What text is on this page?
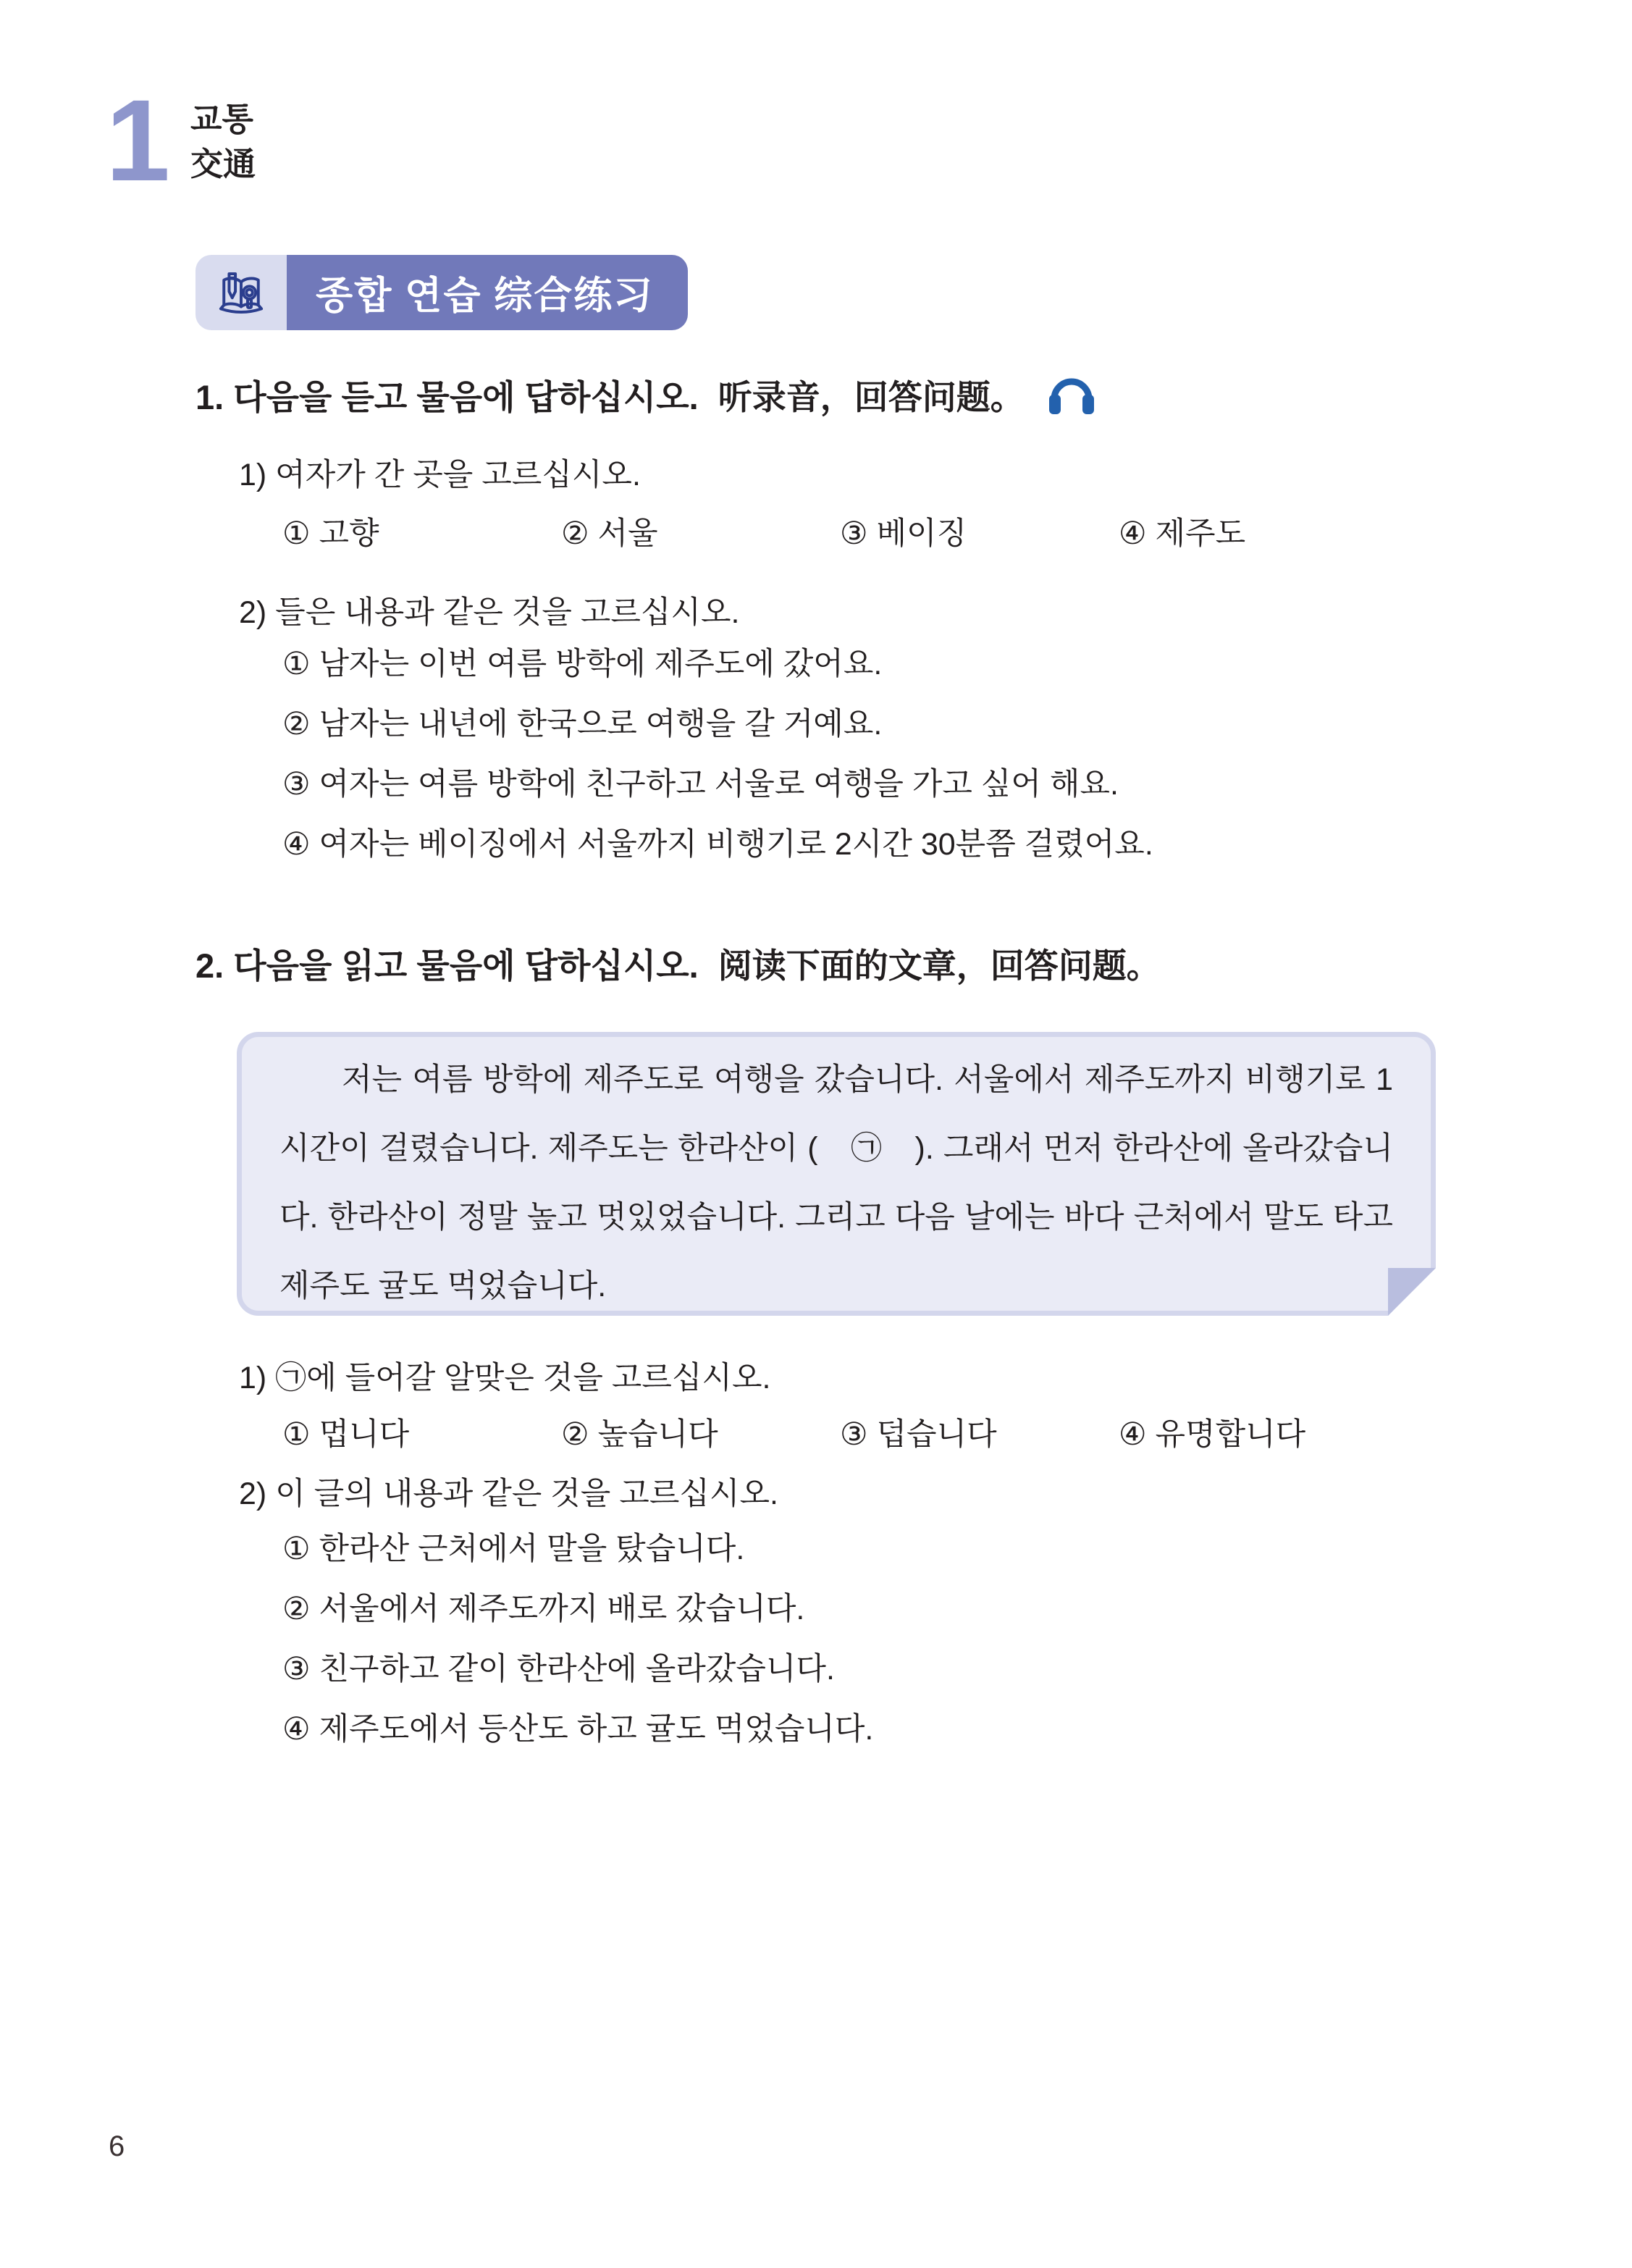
1 교통
交通
종합 연습 综合练习
1. 다음을 듣고 물음에 답하십시오. 听录音，回答问题。
1) 여자가 간 곳을 고르십시오.
① 고향	② 서울	③ 베이징	④ 제주도
2) 들은 내용과 같은 것을 고르십시오.
① 남자는 이번 여름 방학에 제주도에 갔어요.
② 남자는 내년에 한국으로 여행을 갈 거예요.
③ 여자는 여름 방학에 친구하고 서울로 여행을 가고 싶어 해요.
④ 여자는 베이징에서 서울까지 비행기로 2시간 30분쯤 걸렸어요.
2. 다음을 읽고 물음에 답하십시오. 阅读下面的文章，回答问题。
저는 여름 방학에 제주도로 여행을 갔습니다. 서울에서 제주도까지 비행기로 1시간이 걸렸습니다. 제주도는 한라산이 (　㉠　). 그래서 먼저 한라산에 올라갔습니다. 한라산이 정말 높고 멋있었습니다. 그리고 다음 날에는 바다 근처에서 말도 타고 제주도 귤도 먹었습니다.
1) ㉠에 들어갈 알맞은 것을 고르십시오.
① 멉니다	② 높습니다	③ 덥습니다	④ 유명합니다
2) 이 글의 내용과 같은 것을 고르십시오.
① 한라산 근처에서 말을 탔습니다.
② 서울에서 제주도까지 배로 갔습니다.
③ 친구하고 같이 한라산에 올라갔습니다.
④ 제주도에서 등산도 하고 귤도 먹었습니다.
6
